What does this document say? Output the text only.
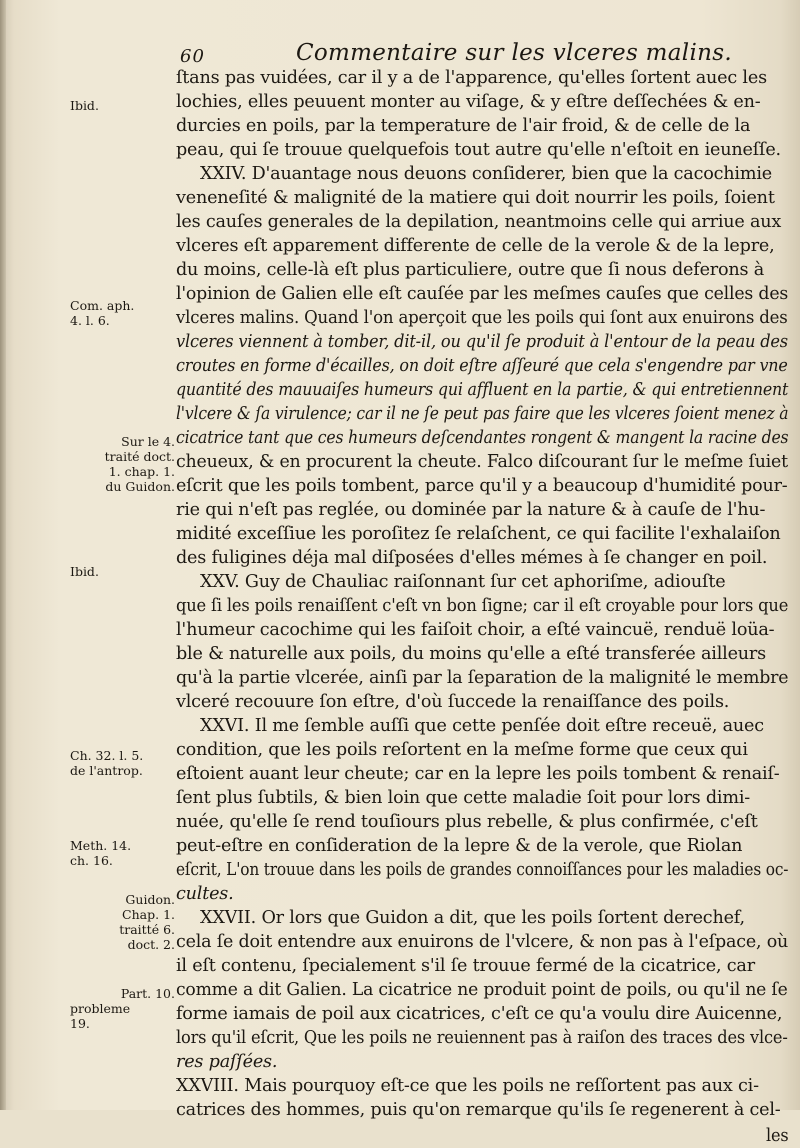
60	Commentaire sur les vlceres malins.
ſtans pas vuidées, car il y a de l'apparence, qu'elles ſortent auec les
lochies, elles peuuent monter au viſage, & y eſtre deſſechées & en-
durcies en poils, par la temperature de l'air froid, & de celle de la
peau, qui ſe trouue quelquefois tout autre qu'elle n'eſtoit en ieuneſſe.
XXIV. D'auantage nous deuons conſiderer, bien que la cacochimie
veneneſité & malignité de la matiere qui doit nourrir les poils, ſoient
les cauſes generales de la depilation, neantmoins celle qui arriue aux
vlceres eſt apparement differente de celle de la verole & de la lepre,
du moins, celle-là eſt plus particuliere, outre que ſi nous deferons à
l'opinion de Galien elle eſt cauſée par les meſmes cauſes que celles des
vlceres malins. Quand l'on aperçoit que les poils qui ſont aux enuirons des
vlceres viennent à tomber, dit-il, ou qu'il ſe produit à l'entour de la peau des
croutes en forme d'écailles, on doit eſtre aſſeuré que cela s'engendre par vne
quantité des mauuaiſes humeurs qui affluent en la partie, & qui entretiennent
l'vlcere & ſa virulence; car il ne ſe peut pas faire que les vlceres ſoient menez à
cicatrice tant que ces humeurs deſcendantes rongent & mangent la racine des
cheueux, & en procurent la cheute. Falco diſcourant ſur le meſme ſuiet
eſcrit que les poils tombent, parce qu'il y a beaucoup d'humidité pour-
rie qui n'eſt pas reglée, ou dominée par la nature & à cauſe de l'hu-
midité exceſſiue les poroſitez ſe relaſchent, ce qui facilite l'exhalaiſon
des fuligines déja mal diſposées d'elles mémes à ſe changer en poil.
XXV. Guy de Chauliac raiſonnant ſur cet aphoriſme, adiouſte
que ſi les poils renaiſſent c'eſt vn bon ſigne; car il eſt croyable pour lors que
l'humeur cacochime qui les faiſoit choir, a eſté vaincuë, renduë loüa-
ble & naturelle aux poils, du moins qu'elle a eſté transferée ailleurs
qu'à la partie vlcerée, ainſi par la ſeparation de la malignité le membre
vlceré recouure ſon eſtre, d'où ſuccede la renaiſſance des poils.
XXVI. Il me ſemble auſſi que cette penſée doit eſtre receuë, auec
condition, que les poils reſortent en la meſme forme que ceux qui
eſtoient auant leur cheute; car en la lepre les poils tombent & renaiſ-
ſent plus ſubtils, & bien loin que cette maladie ſoit pour lors dimi-
nuée, qu'elle ſe rend touſiours plus rebelle, & plus confirmée, c'eſt
peut-eſtre en conſideration de la lepre & de la verole, que Riolan
eſcrit, L'on trouue dans les poils de grandes connoiſſances pour les maladies oc-
cultes.
XXVII. Or lors que Guidon a dit, que les poils ſortent derechef,
cela ſe doit entendre aux enuirons de l'vlcere, & non pas à l'eſpace, où
il eſt contenu, ſpecialement s'il ſe trouue fermé de la cicatrice, car
comme a dit Galien. La cicatrice ne produit point de poils, ou qu'il ne ſe
forme iamais de poil aux cicatrices, c'eſt ce qu'a voulu dire Auicenne,
lors qu'il eſcrit, Que les poils ne reuiennent pas à raiſon des traces des vlce-
res paſſées.
XXVIII. Mais pourquoy eſt-ce que les poils ne reſſortent pas aux ci-
catrices des hommes, puis qu'on remarque qu'ils ſe regenerent à cel-
les
Ibid.
Com. aph.
4. l. 6.
Sur le 4.
traité doct.
1. chap. 1.
du Guidon.
Ibid.
Ch. 32. l. 5.
de l'antrop.
Meth. 14.
ch. 16.
Guidon.
Chap. 1.
traitté 6.
doct. 2.
Part. 10.
probleme
19.
